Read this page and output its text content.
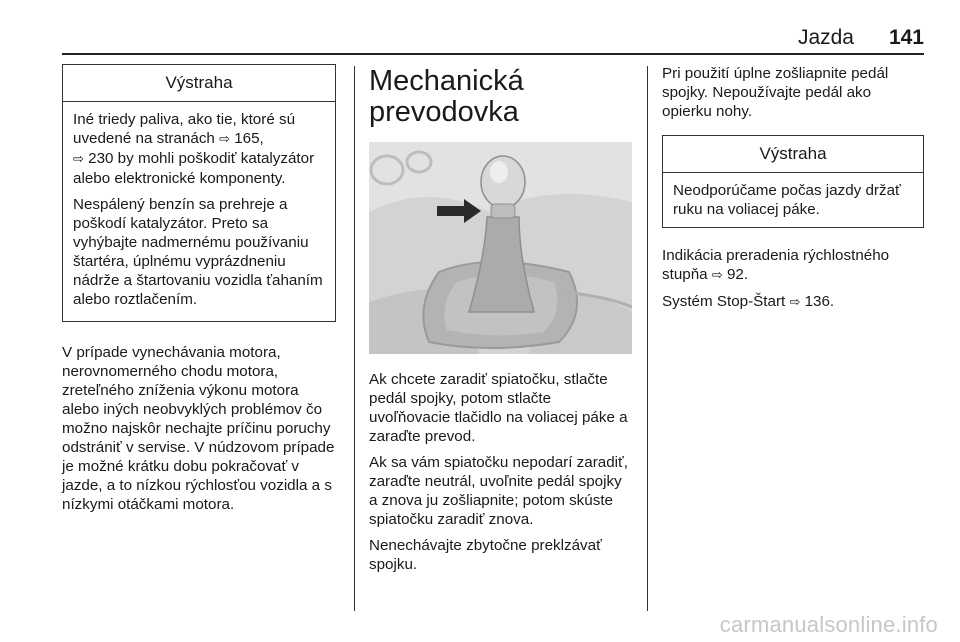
Jazda 141
Výstraha

Iné triedy paliva, ako tie, ktoré sú uvedené na stranách ⇨ 165,
⇨ 230 by mohli poškodiť katalyzátor alebo elektronické komponenty.

Nespálený benzín sa prehreje a poškodí katalyzátor. Preto sa vyhýbajte nadmernému používaniu štartéra, úplnému vyprázdneniu nádrže a štartovaniu vozidla ťahaním alebo roztlačením.

V prípade vynechávania motora, nerovnomerného chodu motora, zreteľného zníženia výkonu motora alebo iných neobvyklých problémov čo možno najskôr nechajte príčinu poruchy odstrániť v servise. V núdzovom prípade je možné krátku dobu pokračovať v jazde, a to nízkou rýchlosťou vozidla a s nízkymi otáčkami motora.

Mechanická prevodovka

Ak chcete zaradiť spiatočku, stlačte pedál spojky, potom stlačte uvoľňovacie tlačidlo na voliacej páke a zaraďte prevod.

Ak sa vám spiatočku nepodarí zaradiť, zaraďte neutrál, uvoľnite pedál spojky a znova ju zošliapnite; potom skúste spiatočku zaradiť znova.

Nenechávajte zbytočne preklzávať spojku.

Pri použití úplne zošliapnite pedál spojky. Nepoužívajte pedál ako opierku nohy.

Výstraha
Neodporúčame počas jazdy držať ruku na voliacej páke.

Indikácia preradenia rýchlostného stupňa ⇨ 92.

Systém Stop-Štart ⇨ 136.

carmanualsonline.info
